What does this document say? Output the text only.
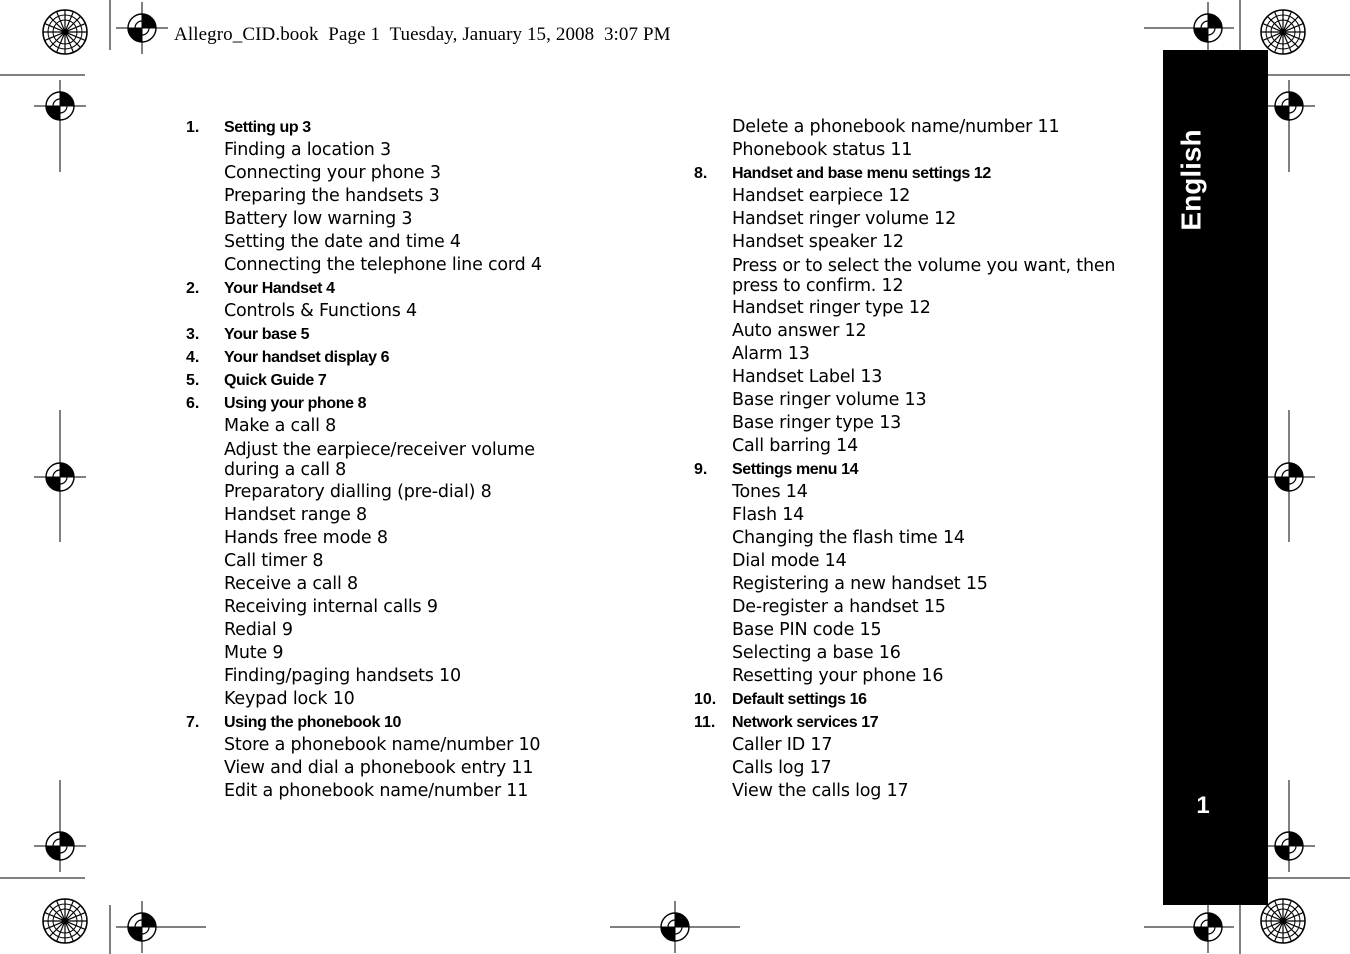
Allegro_CID.book  Page 1  Tuesday, January 15, 2008  3:07 PM
1.	Setting up 3
Finding a location 3
Connecting your phone 3
Preparing the handsets 3
Battery low warning 3
Setting the date and time 4
Connecting the telephone line cord 4
2.	Your Handset 4
Controls & Functions 4
3.	Your base 5
4.	Your handset display 6
5.	Quick Guide 7
6.	Using your phone 8
Make a call 8
Adjust the earpiece/receiver volume during a call 8
Preparatory dialling (pre-dial) 8
Handset range 8
Hands free mode 8
Call timer 8
Receive a call 8
Receiving internal calls 9
Redial 9
Mute 9
Finding/paging handsets 10
Keypad lock 10
7.	Using the phonebook 10
Store a phonebook name/number 10
View and dial a phonebook entry 11
Edit a phonebook name/number 11
Delete a phonebook name/number 11
Phonebook status 11
8.	Handset and base menu settings 12
Handset earpiece 12
Handset ringer volume 12
Handset speaker 12
Press or to select the volume you want, then press to confirm. 12
Handset ringer type 12
Auto answer 12
Alarm 13
Handset Label 13
Base ringer volume 13
Base ringer type 13
Call barring 14
9.	Settings menu 14
Tones 14
Flash 14
Changing the flash time 14
Dial mode 14
Registering a new handset 15
De-register a handset 15
Base PIN code 15
Selecting a base 16
Resetting your phone 16
10. Default settings 16
11.	Network services 17
Caller ID 17
Calls log 17
View the calls log 17
English
1
